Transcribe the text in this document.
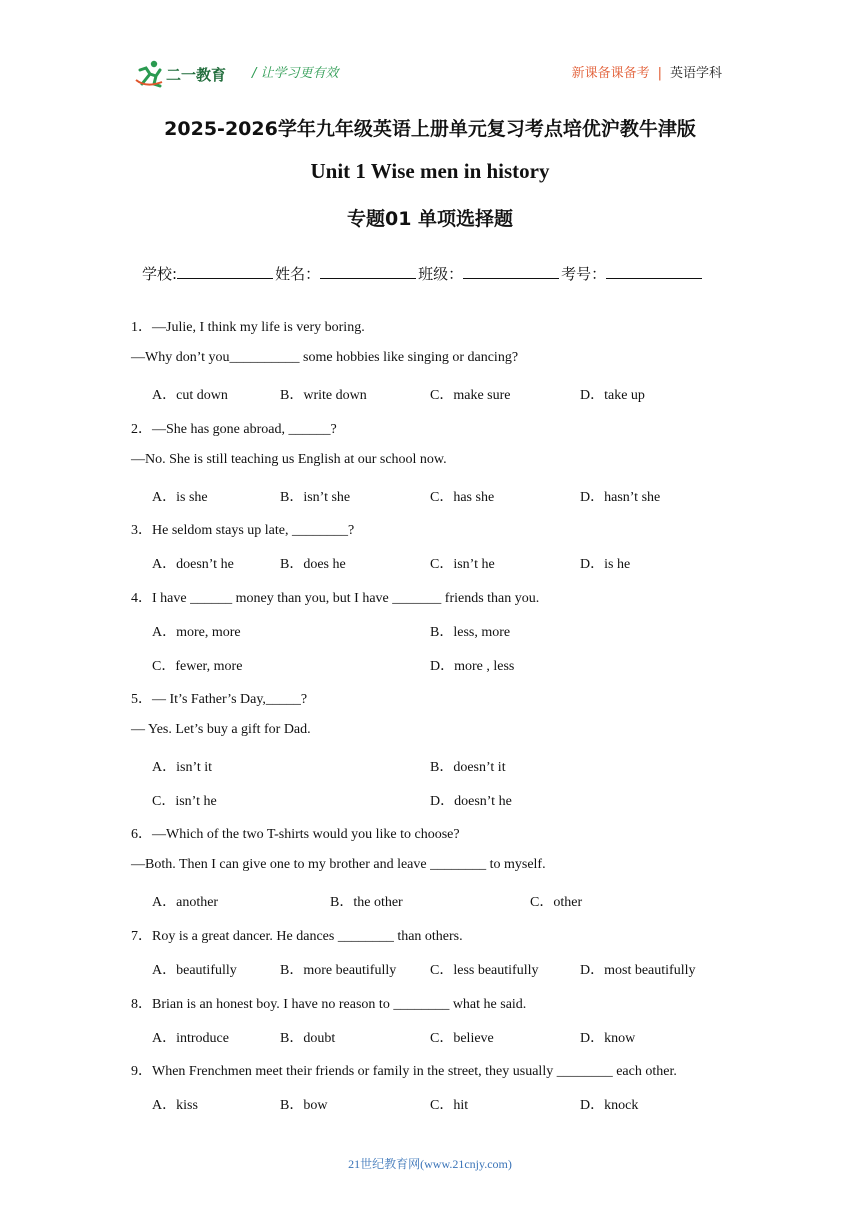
二一教育 / 让学习更有效	新课备课备考 | 英语学科
2025-2026学年九年级英语上册单元复习考点培优沪教牛津版
Unit 1 Wise men in history
专题01 单项选择题
学校:	姓名：	班级：	考号：
1．—Julie, I think my life is very boring.
—Why don’t you__________ some hobbies like singing or dancing?
A．cut down	B．write down	C．make sure	D．take up
2．—She has gone abroad, ______?
—No. She is still teaching us English at our school now.
A．is she	B．isn’t she	C．has she	D．hasn’t she
3．He seldom stays up late, ________?
A．doesn’t he	B．does he	C．isn’t he	D．is he
4．I have ______ money than you, but I have _______ friends than you.
A．more, more	B．less, more
C．fewer, more	D．more , less
5．— It’s Father’s Day,_____?
— Yes. Let’s buy a gift for Dad.
A．isn’t it	B．doesn’t it
C．isn’t he	D．doesn’t he
6．—Which of the two T-shirts would you like to choose?
—Both. Then I can give one to my brother and leave ________ to myself.
A．another	B．the other	C．other
7．Roy is a great dancer. He dances ________ than others.
A．beautifully	B．more beautifully C．less beautifully	D．most beautifully
8．Brian is an honest boy. I have no reason to ________ what he said.
A．introduce	B．doubt	C．believe	D．know
9．When Frenchmen meet their friends or family in the street, they usually ________ each other.
A．kiss	B．bow	C．hit	D．knock
21世纪教育网(www.21cnjy.com)
